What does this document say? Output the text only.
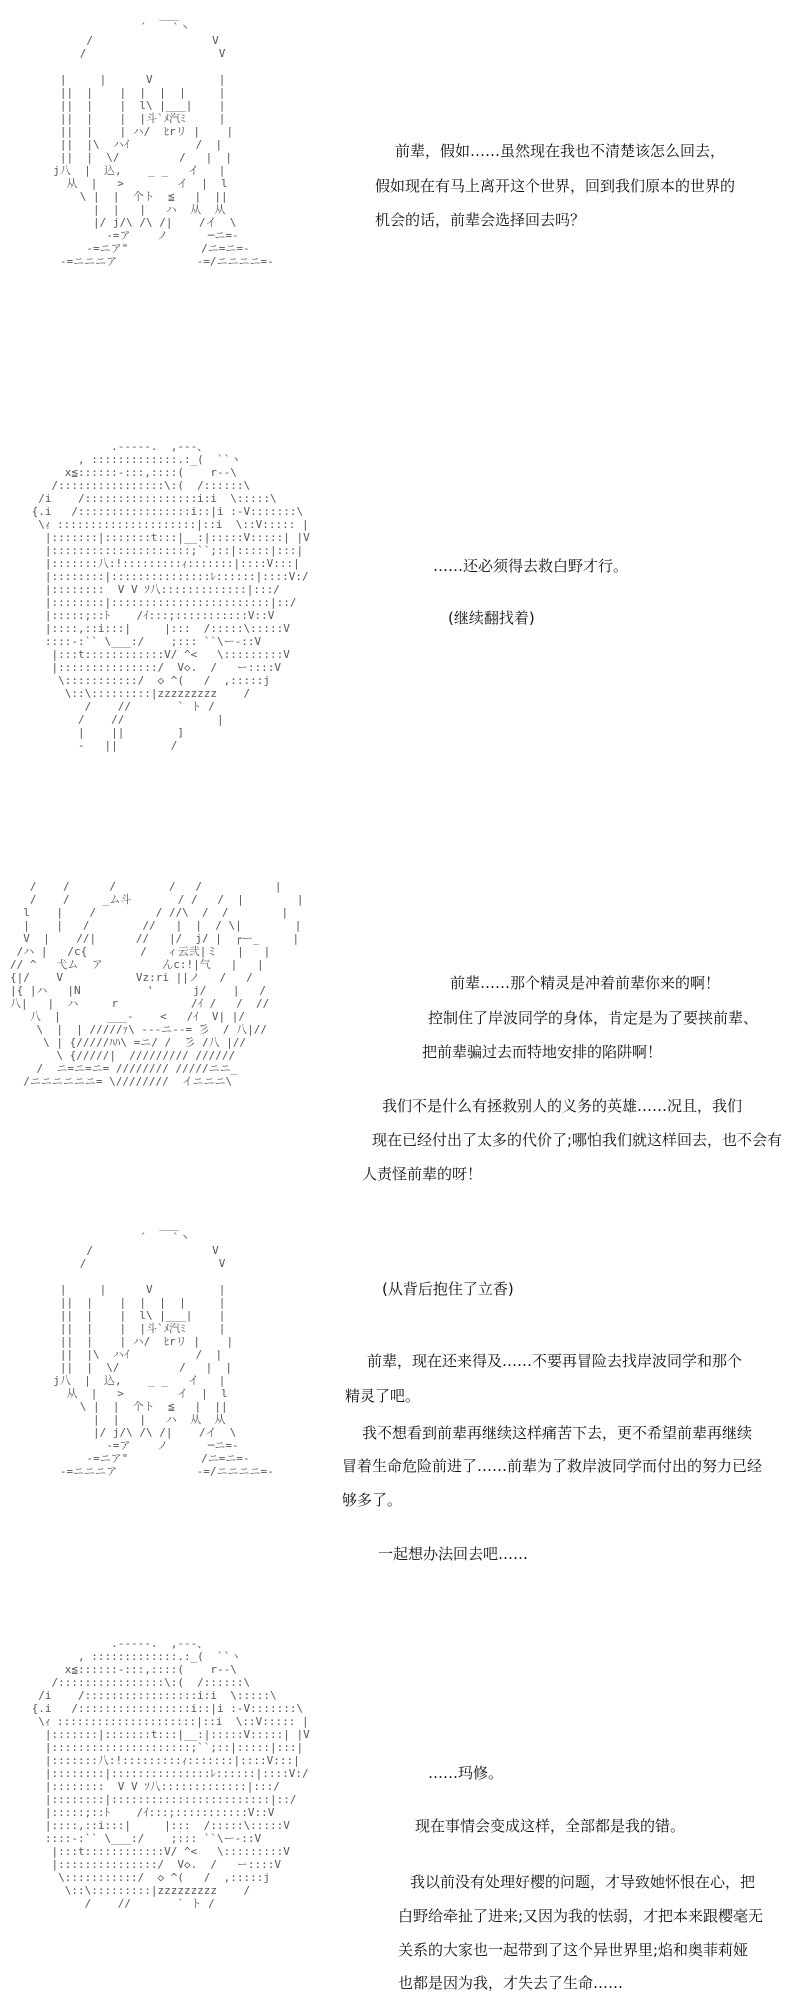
___
´    `丶
/                  V
/                    V

|     |      V          |
||  |    |  |  |  |     |
||  |    |  l\ |___|    |
||  |    |  |斗`ﾒ汽ﾐ     |
||  |    | ハ/  ﾋrリ |    |
||  |\  ハｲ          /  |
||  |  \/         /   |  |
j八  |  込,    _ _   イ   |
从  |   >        イ  |  l
\ |  |  个ト  ≦   |  ||
|  |   |   ハ  从  从
|/ j/\ /\ /|    /イ  \
-=ア    ノ      ─ニ=-
-=ニア"           /ニ=ニ=-
-=ニニニア            -=/ニニニニ=-
前辈，假如……虽然现在我也不清楚该怎么回去，
假如现在有马上离开这个世界，回到我们原本的世界的
机会的话，前辈会选择回去吗？
.-----.  ,-‐‐、
, :::::::::::::.:_(  ``ヽ
x≦::::::-:::,::::(    r‐‐\
/::::::::::::::::\:(  /::::::\
/i    /:::::::::::::::::i:i  \:::::\
{.i   /:::::::::::::::::i::|i :-V:::::::\
\ｨ :::::::::::::::::::::|::i  \::V::::: |
|:::::::|:::::::t:::|__:|:::::V:::::| |V
|:::::::::::::::::::::;``;::|:::::|:::|
|:::::::八:!:::::::::ｨ:::::::|::::V:::|
|::::::::|:::::::::::::::ﾚ::::::|::::V:/
|::::::::  V V ｿ八:::::::::::::|:::/
|::::::::|::::::::::::::::::::::::|::/
|:::::;::ﾄ    /ｲ:::;:::::::::::V::V
|::::,::i:::|     |:::  /:::::\:::::V
::::-:`` \___:/    ;::: ``\ー-::V
|:::t::::::::::::V/ ^<   \:::::::::V
|:::::::::::::::/  V◇.  /   ー::::V
\:::::::::::/  ◇ ^(   /  ,:::::j
\::\:::::::::|zzzzzzzzz    /
/    //       ` ト /
/    //              |
|    ||        ]
-   ||        /
……还必须得去救白野才行。
(继续翻找着)
/    /      /        /   /           |
/    /     _ム斗       / /   /  |        |
l    |    /         / //\  /  /        |
|    |   /        //   |  |  / \|        |
V  |    //|      //   |/  j/ |  ┌ー_     |
/ハ |   /c{        /   ィ云弐|ミ   |   |
// ^   弋ム  ア         んc:!|气   |   |
{|/    V           Vz:ri ||ノ   /   /
|{ |ハ   |N          '      j/    |   /
八|   |  ハ     r           /ｲ /   /  //
八  |       ___-    <   /ｲ  V| |/
\  |  | /////ｧ\ ---ニ--= ̄彡  / 八|//
\ | {/////ﾊﾊ\ =ニ/ /  ̄彡 /八 |//
\ {/////|  ///////// //////
/  ニ=ニ=ニ= //////// /////ニニ_
/ニニニニニニ= \////////  イニニニ\
前辈……那个精灵是冲着前辈你来的啊！
控制住了岸波同学的身体，肯定是为了要挟前辈、
把前辈骗过去而特地安排的陷阱啊！
我们不是什么有拯救别人的义务的英雄……况且，我们
现在已经付出了太多的代价了;哪怕我们就这样回去，也不会有
人责怪前辈的呀！
___
´    `丶
/                  V
/                    V

|     |      V          |
||  |    |  |  |  |     |
||  |    |  l\ |___|    |
||  |    |  |斗`ﾒ汽ﾐ     |
||  |    | ハ/  ﾋrリ |    |
||  |\  ハｲ          /  |
||  |  \/         /   |  |
j八  |  込,    _ _   イ   |
从  |   >        イ  |  l
\ |  |  个ト  ≦   |  ||
|  |   |   ハ  从  从
|/ j/\ /\ /|    /イ  \
-=ア    ノ      ─ニ=-
-=ニア"           /ニ=ニ=-
-=ニニニア            -=/ニニニニ=-
(从背后抱住了立香)
前辈，现在还来得及……不要再冒险去找岸波同学和那个
精灵了吧。
我不想看到前辈再继续这样痛苦下去，更不希望前辈再继续
冒着生命危险前进了……前辈为了救岸波同学而付出的努力已经
够多了。
一起想办法回去吧……
.-----.  ,-‐‐、
, :::::::::::::.:_(  ``ヽ
x≦::::::-:::,::::(    r‐‐\
/::::::::::::::::\:(  /::::::\
/i    /:::::::::::::::::i:i  \:::::\
{.i   /:::::::::::::::::i::|i :-V:::::::\
\ｨ :::::::::::::::::::::|::i  \::V::::: |
|:::::::|:::::::t:::|__:|:::::V:::::| |V
|:::::::::::::::::::::;``;::|:::::|:::|
|:::::::八:!:::::::::ｨ:::::::|::::V:::|
|::::::::|:::::::::::::::ﾚ::::::|::::V:/
|::::::::  V V ｿ八:::::::::::::|:::/
|::::::::|::::::::::::::::::::::::|::/
|:::::;::ﾄ    /ｲ:::;:::::::::::V::V
|::::,::i:::|     |:::  /:::::\:::::V
::::-:`` \___:/    ;::: ``\ー-::V
|:::t::::::::::::V/ ^<   \:::::::::V
|:::::::::::::::/  V◇.  /   ー::::V
\:::::::::::/  ◇ ^(   /  ,:::::j
\::\:::::::::|zzzzzzzzz    /
/    //       ` ト /
……玛修。
现在事情会变成这样，全部都是我的错。
我以前没有处理好樱的问题，才导致她怀恨在心，把
白野给牵扯了进来;又因为我的怯弱，才把本来跟樱毫无
关系的大家也一起带到了这个异世界里;焰和奥菲莉娅
也都是因为我，才失去了生命……
